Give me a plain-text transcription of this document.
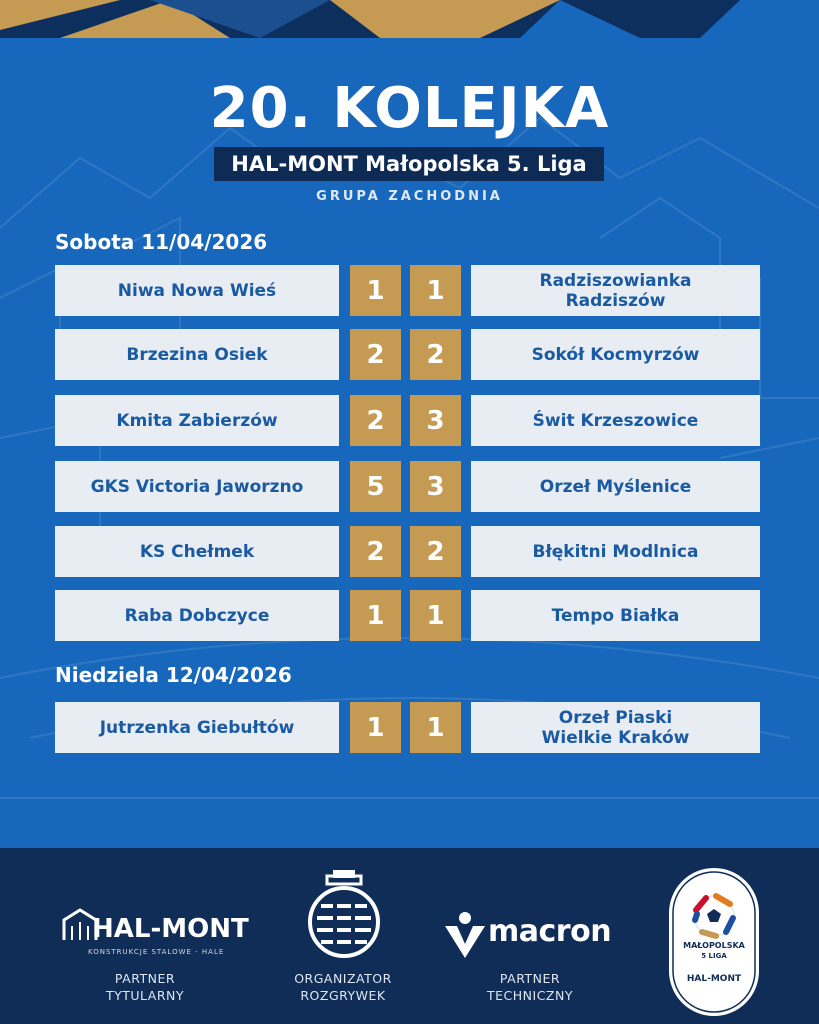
20. KOLEJKA
HAL-MONT Małopolska 5. Liga
GRUPA ZACHODNIA
Sobota 11/04/2026
Niwa Nowa Wieś	1	1	Radziszowianka Radziszów
Brzezina Osiek	2	2	Sokół Kocmyrzów
Kmita Zabierzów	2	3	Świt Krzeszowice
GKS Victoria Jaworzno	5	3	Orzeł Myślenice
KS Chełmek	2	2	Błękitni Modlnica
Raba Dobczyce	1	1	Tempo Białka
Niedziela 12/04/2026
Jutrzenka Giebułtów	1	1	Orzeł Piaski Wielkie Kraków
HAL-MONT
KONSTRUKCJE STALOWE - HALE
PARTNER
TYTULARNY
ORGANIZATOR
ROZGRYWEK
macron
PARTNER
TECHNICZNY
MAŁOPOLSKA
5 LIGA
HAL-MONT
